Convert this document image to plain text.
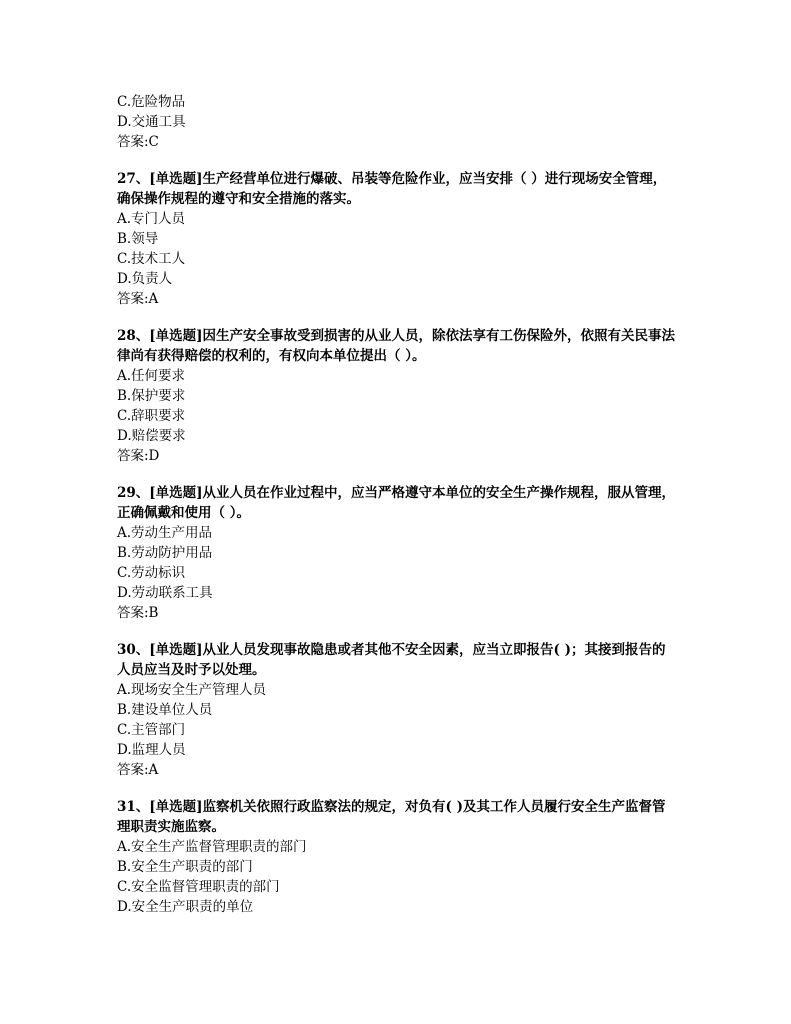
C.危险物品
D.交通工具
答案:C
27、[单选题]生产经营单位进行爆破、吊装等危险作业，应当安排（ ）进行现场安全管理，确保操作规程的遵守和安全措施的落实。
A.专门人员
B.领导
C.技术工人
D.负责人
答案:A
28、[单选题]因生产安全事故受到损害的从业人员，除依法享有工伤保险外，依照有关民事法律尚有获得赔偿的权利的，有权向本单位提出（ ）。
A.任何要求
B.保护要求
C.辞职要求
D.赔偿要求
答案:D
29、[单选题]从业人员在作业过程中，应当严格遵守本单位的安全生产操作规程，服从管理，正确佩戴和使用（ ）。
A.劳动生产用品
B.劳动防护用品
C.劳动标识
D.劳动联系工具
答案:B
30、[单选题]从业人员发现事故隐患或者其他不安全因素，应当立即报告( )；其接到报告的人员应当及时予以处理。
A.现场安全生产管理人员
B.建设单位人员
C.主管部门
D.监理人员
答案:A
31、[单选题]监察机关依照行政监察法的规定，对负有( )及其工作人员履行安全生产监督管理职责实施监察。
A.安全生产监督管理职责的部门
B.安全生产职责的部门
C.安全监督管理职责的部门
D.安全生产职责的单位
